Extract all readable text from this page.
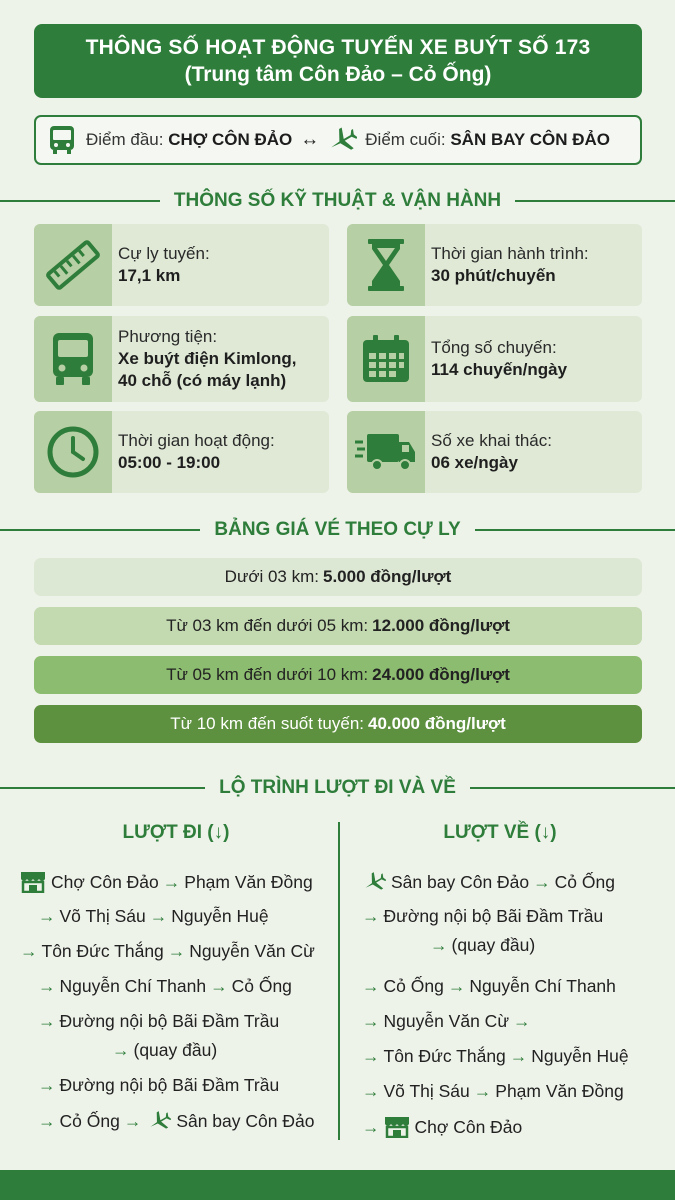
THÔNG SỐ HOẠT ĐỘNG TUYẾN XE BUÝT SỐ 173
(Trung tâm Côn Đảo – Cỏ Ống)
Điểm đầu:
CHỢ CÔN ĐẢO ↔	Điểm cuối:
SÂN BAY CÔN ĐẢO
THÔNG SỐ KỸ THUẬT & VẬN HÀNH
Cự ly tuyến:
17,1 km
Thời gian hành trình:
30 phút/chuyến
Phương tiện:
Xe buýt điện Kimlong,
40 chỗ (có máy lạnh)
Tổng số chuyến:
114 chuyến/ngày
Thời gian hoạt động:
05:00 - 19:00
Số xe khai thác:
06 xe/ngày
BẢNG GIÁ VÉ THEO CỰ LY
Dưới 03 km: 5.000 đồng/lượt
Từ 03 km đến dưới 05 km: 12.000 đồng/lượt
Từ 05 km đến dưới 10 km: 24.000 đồng/lượt
Từ 10 km đến suốt tuyến: 40.000 đồng/lượt
LỘ TRÌNH LƯỢT ĐI VÀ VỀ
LƯỢT ĐI (↓)	LƯỢT VỀ (↓)
Chợ Côn Đảo → Phạm Văn Đồng
→ Võ Thị Sáu → Nguyễn Huệ
→ Tôn Đức Thắng → Nguyễn Văn Cừ
→ Nguyễn Chí Thanh → Cỏ Ống
→ Đường nội bộ Bãi Đầm Trầu
→ (quay đầu)
→ Đường nội bộ Bãi Đầm Trầu
→ Cỏ Ống → Sân bay Côn Đảo
Sân bay Côn Đảo → Cỏ Ống
→ Đường nội bộ Bãi Đầm Trầu
→ (quay đầu)
→ Cỏ Ống → Nguyễn Chí Thanh
→ Nguyễn Văn Cừ →
→ Tôn Đức Thắng → Nguyễn Huệ
→ Võ Thị Sáu → Phạm Văn Đồng
→ Chợ Côn Đảo
